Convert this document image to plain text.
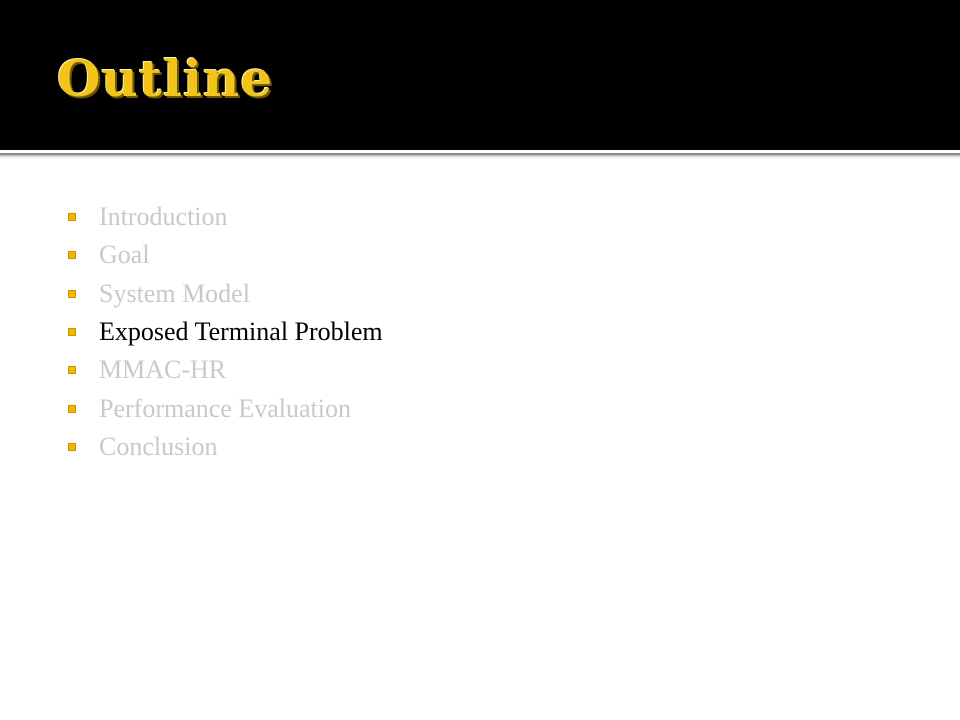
Outline
Introduction
Goal
System Model
Exposed Terminal Problem
MMAC-HR
Performance Evaluation
Conclusion
